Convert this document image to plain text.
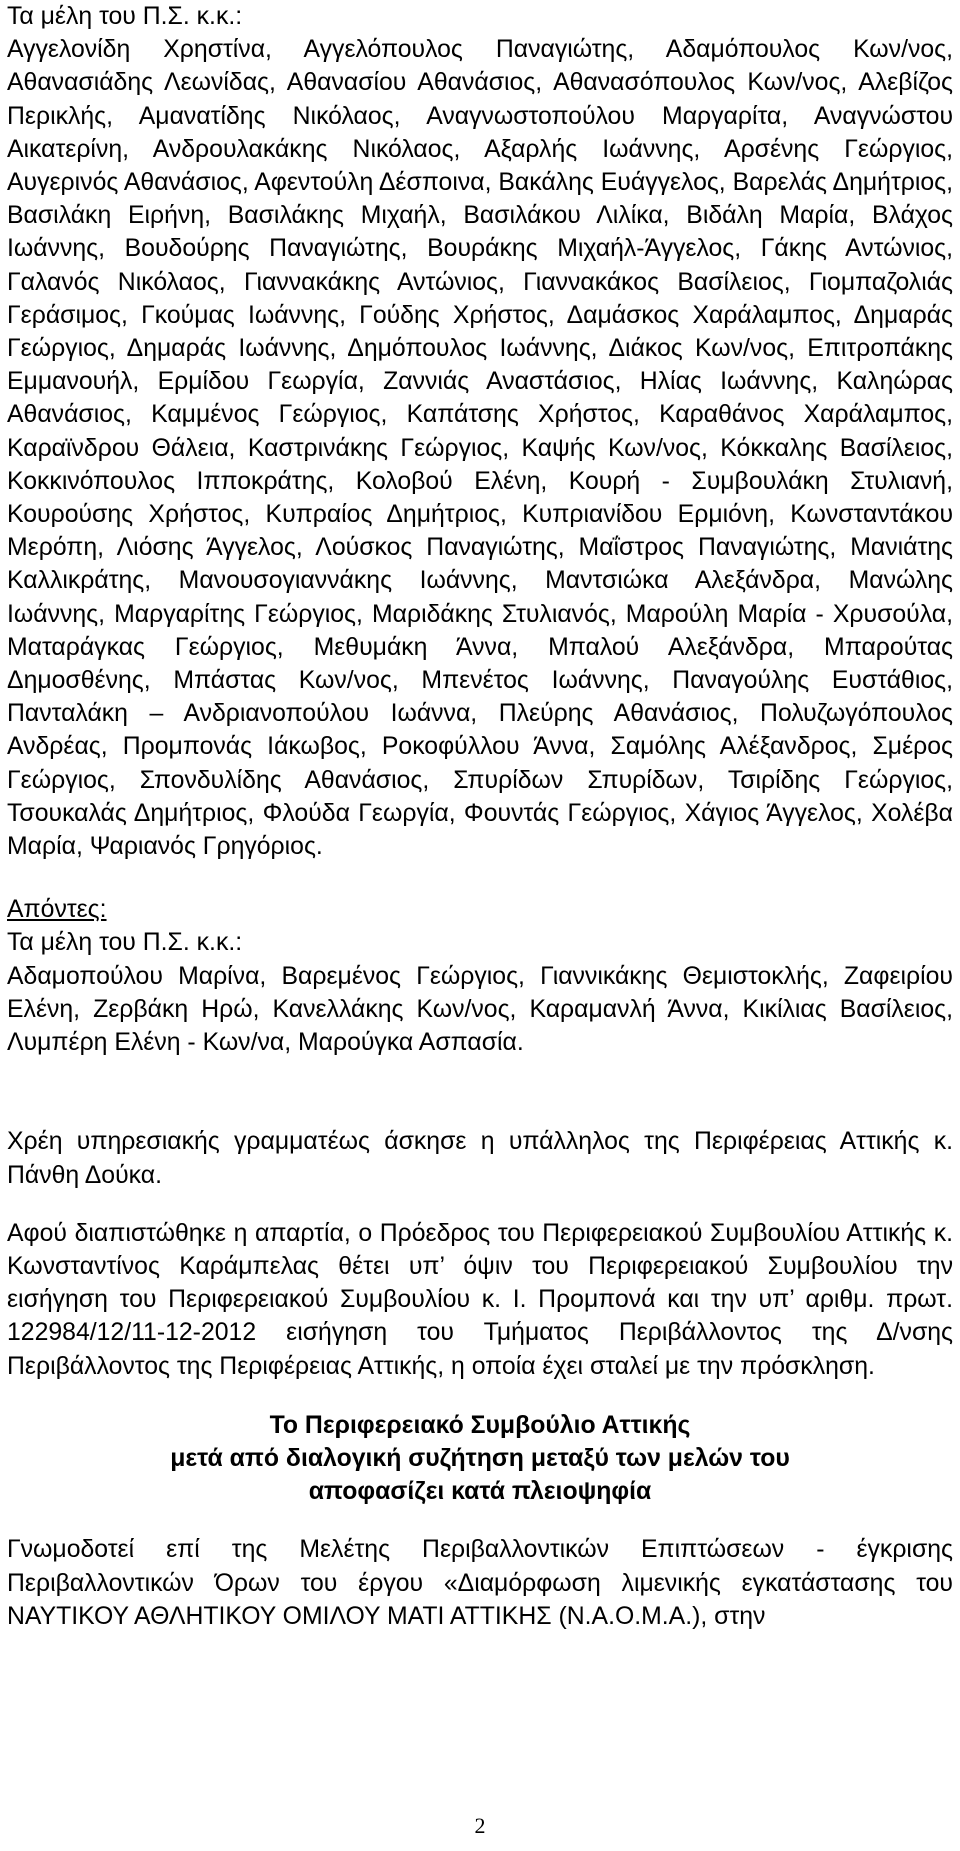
Τα μέλη του Π.Σ. κ.κ.:

Αγγελονίδη Χρηστίνα, Αγγελόπουλος Παναγιώτης, Αδαμόπουλος Κων/νος, Αθανασιάδης Λεωνίδας, Αθανασίου Αθανάσιος, Αθανασόπουλος Κων/νος, Αλεβίζος Περικλής, Αμανατίδης Νικόλαος, Αναγνωστοπούλου Μαργαρίτα, Αναγνώστου Αικατερίνη, Ανδρουλακάκης Νικόλαος, Αξαρλής Ιωάννης, Αρσένης Γεώργιος, Αυγερινός Αθανάσιος, Αφεντούλη Δέσποινα, Βακάλης Ευάγγελος, Βαρελάς Δημήτριος, Βασιλάκη Ειρήνη, Βασιλάκης Μιχαήλ, Βασιλάκου Λιλίκα, Βιδάλη Μαρία, Βλάχος Ιωάννης, Βουδούρης Παναγιώτης, Βουράκης Μιχαήλ-Άγγελος, Γάκης Αντώνιος, Γαλανός Νικόλαος, Γιαννακάκης Αντώνιος, Γιαννακάκος Βασίλειος, Γιομπαζολιάς Γεράσιμος, Γκούμας Ιωάννης, Γούδης Χρήστος, Δαμάσκος Χαράλαμπος, Δημαράς Γεώργιος, Δημαράς Ιωάννης, Δημόπουλος Ιωάννης, Διάκος Κων/νος, Επιτροπάκης Εμμανουήλ, Ερμίδου Γεωργία, Ζαννιάς Αναστάσιος, Ηλίας Ιωάννης, Καληώρας Αθανάσιος, Καμμένος Γεώργιος, Καπάτσης Χρήστος, Καραθάνος Χαράλαμπος, Καραϊνδρου Θάλεια, Καστρινάκης Γεώργιος, Καψής Κων/νος, Κόκκαλης Βασίλειος, Κοκκινόπουλος Ιπποκράτης, Κολοβού Ελένη, Κουρή - Συμβουλάκη Στυλιανή, Κουρούσης Χρήστος, Κυπραίος Δημήτριος, Κυπριανίδου Ερμιόνη, Κωνσταντάκου Μερόπη, Λιόσης Άγγελος, Λούσκος Παναγιώτης, Μαΐστρος Παναγιώτης, Μανιάτης Καλλικράτης, Μανουσογιαννάκης Ιωάννης, Μαντσιώκα Αλεξάνδρα, Μανώλης Ιωάννης, Μαργαρίτης Γεώργιος, Μαριδάκης Στυλιανός, Μαρούλη Μαρία - Χρυσούλα, Ματαράγκας Γεώργιος, Μεθυμάκη Άννα, Μπαλού Αλεξάνδρα, Μπαρούτας Δημοσθένης, Μπάστας Κων/νος, Μπενέτος Ιωάννης, Παναγούλης Ευστάθιος, Πανταλάκη – Ανδριανοπούλου Ιωάννα, Πλεύρης Αθανάσιος, Πολυζωγόπουλος Ανδρέας, Προμπονάς Ιάκωβος, Ροκοφύλλου Άννα, Σαμόλης Αλέξανδρος, Σμέρος Γεώργιος, Σπονδυλίδης Αθανάσιος, Σπυρίδων Σπυρίδων, Τσιρίδης Γεώργιος, Τσουκαλάς Δημήτριος, Φλούδα Γεωργία, Φουντάς Γεώργιος, Χάγιος Άγγελος, Χολέβα Μαρία, Ψαριανός Γρηγόριος.

Απόντες:

Τα μέλη του Π.Σ. κ.κ.:

Αδαμοπούλου Μαρίνα, Βαρεμένος Γεώργιος, Γιαννικάκης Θεμιστοκλής, Ζαφειρίου Ελένη, Ζερβάκη Ηρώ, Κανελλάκης Κων/νος, Καραμανλή Άννα, Κικίλιας Βασίλειος, Λυμπέρη Ελένη - Κων/να, Μαρούγκα Ασπασία.

Χρέη υπηρεσιακής γραμματέως άσκησε η υπάλληλος της Περιφέρειας Αττικής κ. Πάνθη Δούκα.

Αφού διαπιστώθηκε η απαρτία, ο Πρόεδρος του Περιφερειακού Συμβουλίου Αττικής κ. Κωνσταντίνος Καράμπελας θέτει υπ’ όψιν του Περιφερειακού Συμβουλίου την εισήγηση του Περιφερειακού Συμβουλίου κ. Ι. Προμπονά και την υπ’ αριθμ. πρωτ. 122984/12/11-12-2012 εισήγηση του Τμήματος Περιβάλλοντος της Δ/νσης Περιβάλλοντος της Περιφέρειας Αττικής, η οποία έχει σταλεί με την πρόσκληση.

Το Περιφερειακό Συμβούλιο Αττικής
μετά από διαλογική συζήτηση μεταξύ των μελών του
αποφασίζει κατά πλειοψηφία

Γνωμοδοτεί επί της Μελέτης Περιβαλλοντικών Επιπτώσεων - έγκρισης Περιβαλλοντικών Όρων του έργου «Διαμόρφωση λιμενικής εγκατάστασης του ΝΑΥΤΙΚΟΥ ΑΘΛΗΤΙΚΟΥ ΟΜΙΛΟΥ ΜΑΤΙ ΑΤΤΙΚΗΣ (Ν.Α.Ο.Μ.Α.), στην

2
